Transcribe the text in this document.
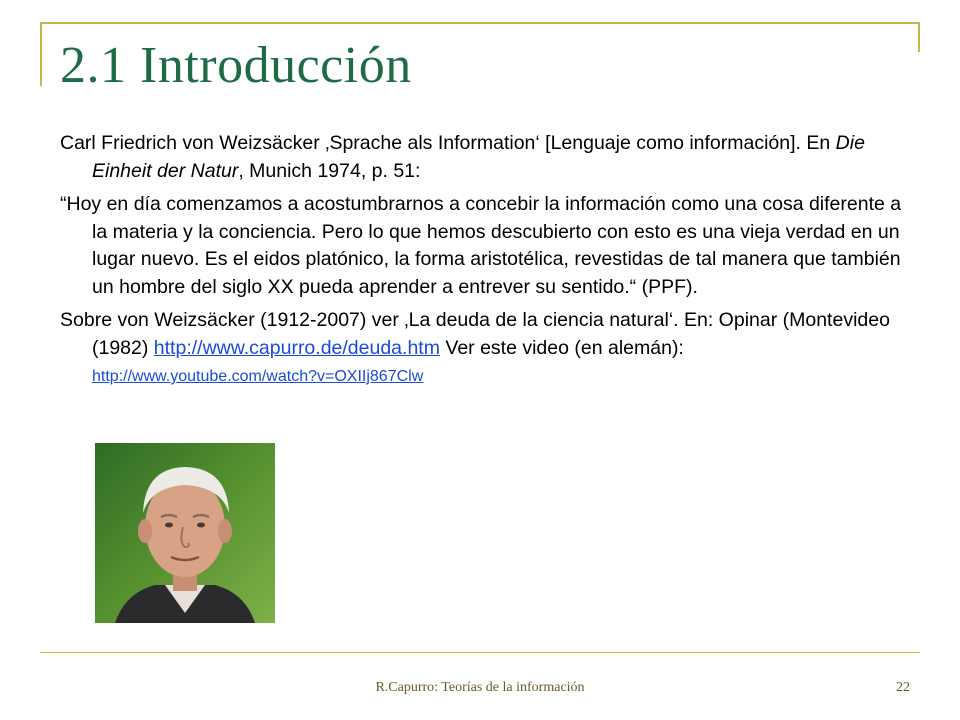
2.1 Introducción

Carl Friedrich von Weizsäcker ‚Sprache als Information‘ [Lenguaje como información]. En Die Einheit der Natur, Munich 1974, p. 51:

“Hoy en día comenzamos a acostumbrarnos a concebir la información como una cosa diferente a la materia y la conciencia. Pero lo que hemos descubierto con esto es una vieja verdad en un lugar nuevo. Es el eidos platónico, la forma aristotélica, revestidas de tal manera que también un hombre del siglo XX pueda aprender a entrever su sentido.“ (PPF).

Sobre von Weizsäcker (1912-2007) ver ‚La deuda de la ciencia natural‘. En: Opinar (Montevideo (1982) http://www.capurro.de/deuda.htm Ver este video (en alemán): http://www.youtube.com/watch?v=OXIIj867Clw

R.Capurro: Teorías de la información	22
